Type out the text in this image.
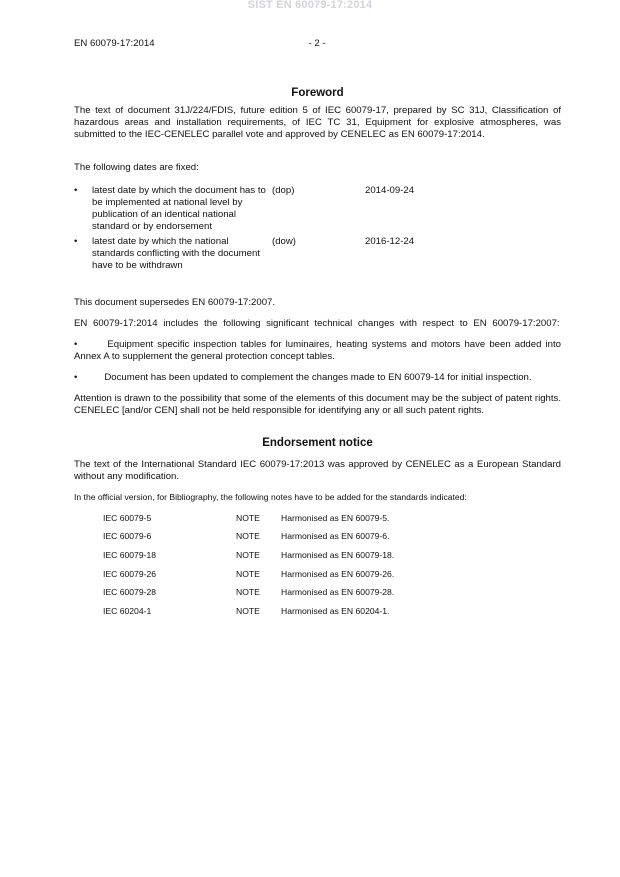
SIST EN 60079-17:2014
EN 60079-17:2014	- 2 -
Foreword

The text of document 31J/224/FDIS, future edition 5 of IEC 60079-17, prepared by SC 31J, Classification of hazardous areas and installation requirements, of IEC TC 31, Equipment for explosive atmospheres, was submitted to the IEC-CENELEC parallel vote and approved by CENELEC as EN 60079-17:2014.

The following dates are fixed:

•	latest date by which the document has to be implemented at national level by publication of an identical national standard or by endorsement
(dop)	2014-09-24
•	latest date by which the national standards conflicting with the document have to be withdrawn
(dow)	2016-12-24

This document supersedes EN 60079-17:2007.

EN 60079-17:2014 includes the following significant technical changes with respect to EN 60079-17:2007:

•	Equipment specific inspection tables for luminaires, heating systems and motors have been added into Annex A to supplement the general protection concept tables.

•	Document has been updated to complement the changes made to EN 60079-14 for initial inspection.

Attention is drawn to the possibility that some of the elements of this document may be the subject of patent rights. CENELEC [and/or CEN] shall not be held responsible for identifying any or all such patent rights.

Endorsement notice

The text of the International Standard IEC 60079-17:2013 was approved by CENELEC as a European Standard without any modification.

In the official version, for Bibliography, the following notes have to be added for the standards indicated:

IEC 60079-5	NOTE	Harmonised as EN 60079-5.
IEC 60079-6	NOTE	Harmonised as EN 60079-6.
IEC 60079-18	NOTE	Harmonised as EN 60079-18.
IEC 60079-26	NOTE	Harmonised as EN 60079-26.
IEC 60079-28	NOTE	Harmonised as EN 60079-28.
IEC 60204-1	NOTE	Harmonised as EN 60204-1.
